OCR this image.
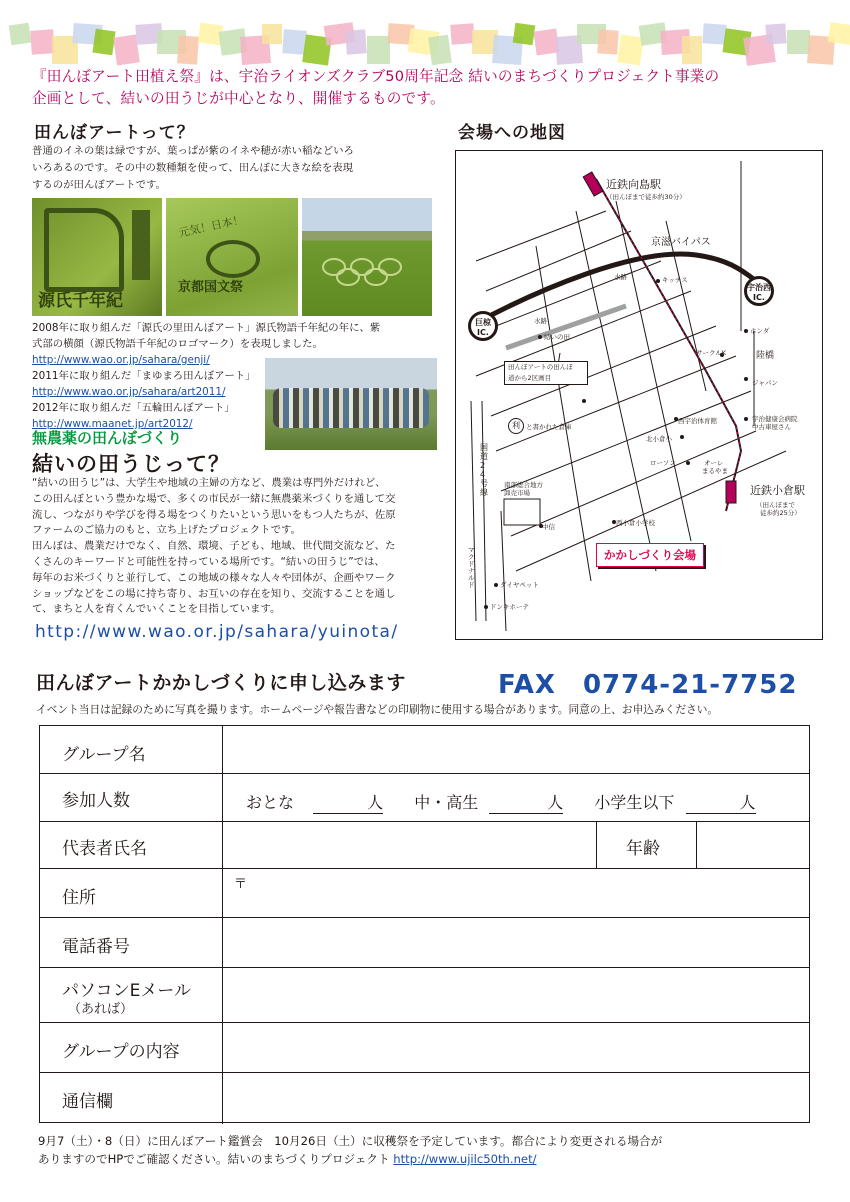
『田んぼアート田植え祭』は、宇治ライオンズクラブ50周年記念 結いのまちづくりプロジェクト事業の
企画として、結いの田うじが中心となり、開催するものです。
田んぼアートって？
普通のイネの葉は緑ですが、葉っぱが紫のイネや穂が赤い稲などいろ
いろあるのです。その中の数種類を使って、田んぼに大きな絵を表現
するのが田んぼアートです。
源氏千年紀
元気！日本！
京都国文祭
2008年に取り組んだ「源氏の里田んぼアート」源氏物語千年紀の年に、紫
式部の横顔（源氏物語千年紀のロゴマーク）を表現しました。
http://www.wao.or.jp/sahara/genji/
2011年に取り組んだ「まゆまろ田んぼアート」
http://www.wao.or.jp/sahara/art2011/
2012年に取り組んだ「五輪田んぼアート」
http://www.maanet.jp/art2012/
無農薬の田んぼづくり
結いの田うじって？
“結いの田うじ”は、大学生や地域の主婦の方など、農業は専門外だけれど、
この田んぼという豊かな場で、多くの市民が一緒に無農薬米づくりを通して交
流し、つながりや学びを得る場をつくりたいという思いをもつ人たちが、佐原
ファームのご協力のもと、立ち上げたプロジェクトです。
田んぼは、農業だけでなく、自然、環境、子ども、地域、世代間交流など、た
くさんのキーワードと可能性を持っている場所です。“結いの田うじ”では、
毎年のお米づくりと並行して、この地域の様々な人々や団体が、企画やワーク
ショップなどをこの場に持ち寄り、お互いの存在を知り、交流することを通し
て、まちと人を育くんでいくことを目指しています。
http://www.wao.or.jp/sahara/yuinota/
会場への地図
近鉄向島駅
（田んぼまで徒歩約30分）
京滋バイパス
巨椋
IC.
宇治西
IC.
キッチス
水路
水路
結いの田
ホンダ
サークルK	陸橋
ジャパン
田んぼアートの田んぼ
道から2区画目
利 と書かれた倉庫
西宇治体育館	宇治健康会病院
中古車屋さん
北小倉小
ローソン	オーレ
まるやま
国道24号線
南部総合地方
卸売市場	近鉄小倉駅
（田んぼまで
徒歩約25分）
中信	西小倉小学校
マクドナルド	ダイヤペット
ドンキホーテ
かかしづくり会場
田んぼアートかかしづくりに申し込みます	FAX　0774-21-7752
イベント当日は記録のために写真を撮ります。ホームページや報告書などの印刷物に使用する場合があります。同意の上、お申込みください。
グループ名
参加人数	おとな	人 中・高生	人 小学生以下	人
代表者氏名	年齢
住所
〒
電話番号
パソコンEメール
（あれば）
グループの内容
通信欄
9月7（土）・8（日）に田んぼアート鑑賞会　10月26日（土）に収穫祭を予定しています。都合により変更される場合が
ありますのでHPでご確認ください。結いのまちづくりプロジェクト http://www.ujilc50th.net/
